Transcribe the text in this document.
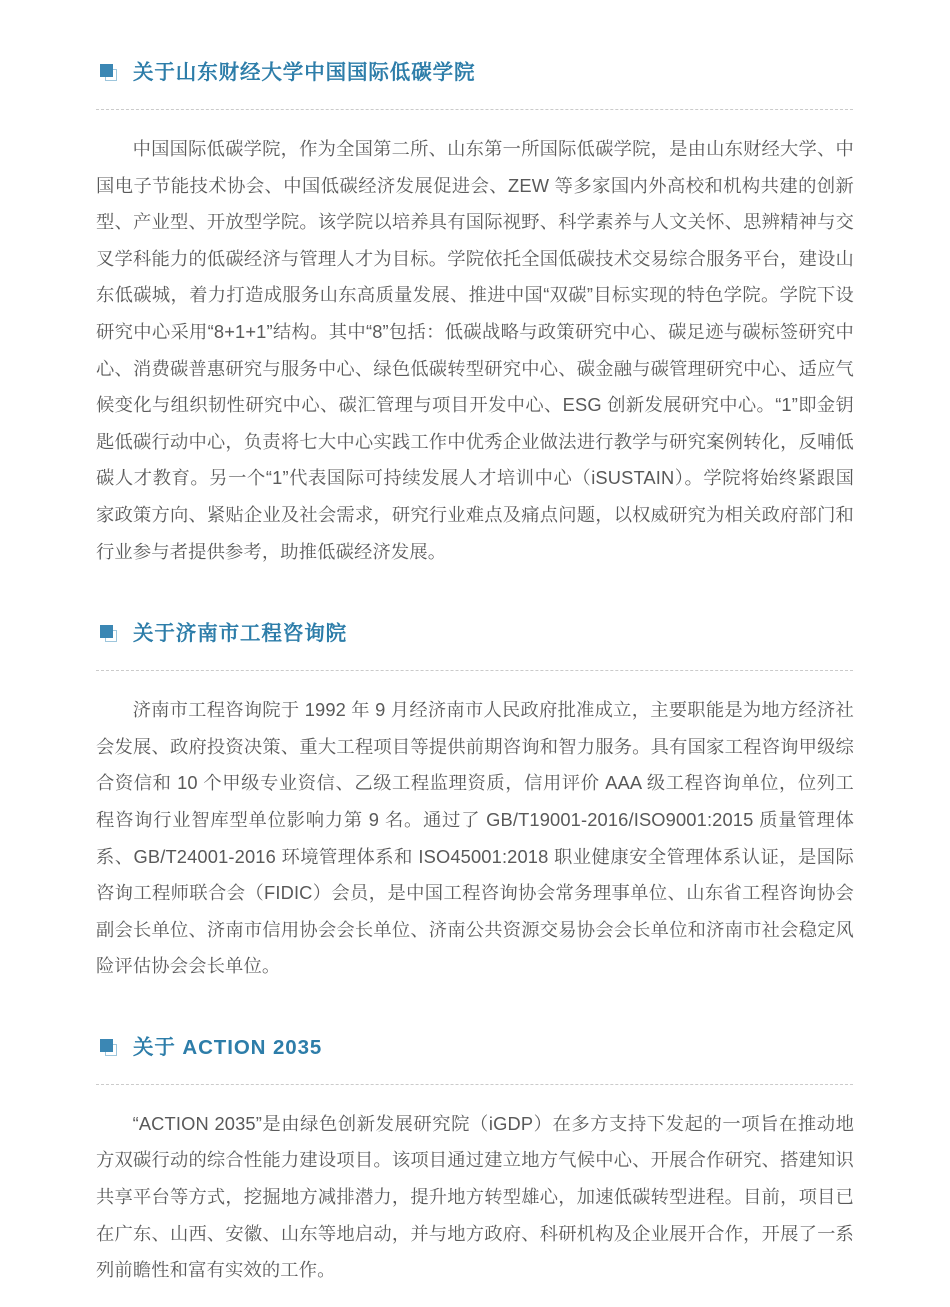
关于山东财经大学中国国际低碳学院

中国国际低碳学院，作为全国第二所、山东第一所国际低碳学院，是由山东财经大学、中国电子节能技术协会、中国低碳经济发展促进会、ZEW 等多家国内外高校和机构共建的创新型、产业型、开放型学院。该学院以培养具有国际视野、科学素养与人文关怀、思辨精神与交叉学科能力的低碳经济与管理人才为目标。学院依托全国低碳技术交易综合服务平台，建设山东低碳城，着力打造成服务山东高质量发展、推进中国“双碳”目标实现的特色学院。学院下设研究中心采用“8+1+1”结构。其中“8”包括：低碳战略与政策研究中心、碳足迹与碳标签研究中心、消费碳普惠研究与服务中心、绿色低碳转型研究中心、碳金融与碳管理研究中心、适应气候变化与组织韧性研究中心、碳汇管理与项目开发中心、ESG 创新发展研究中心。“1”即金钥匙低碳行动中心，负责将七大中心实践工作中优秀企业做法进行教学与研究案例转化，反哺低碳人才教育。另一个“1”代表国际可持续发展人才培训中心（iSUSTAIN）。学院将始终紧跟国家政策方向、紧贴企业及社会需求，研究行业难点及痛点问题，以权威研究为相关政府部门和行业参与者提供参考，助推低碳经济发展。

关于济南市工程咨询院

济南市工程咨询院于 1992 年 9 月经济南市人民政府批准成立，主要职能是为地方经济社会发展、政府投资决策、重大工程项目等提供前期咨询和智力服务。具有国家工程咨询甲级综合资信和 10 个甲级专业资信、乙级工程监理资质，信用评价 AAA 级工程咨询单位，位列工程咨询行业智库型单位影响力第 9 名。通过了 GB/T19001-2016/ISO9001:2015 质量管理体系、GB/T24001-2016 环境管理体系和 ISO45001:2018 职业健康安全管理体系认证，是国际咨询工程师联合会（FIDIC）会员，是中国工程咨询协会常务理事单位、山东省工程咨询协会副会长单位、济南市信用协会会长单位、济南公共资源交易协会会长单位和济南市社会稳定风险评估协会会长单位。

关于 ACTION 2035

“ACTION 2035”是由绿色创新发展研究院（iGDP）在多方支持下发起的一项旨在推动地方双碳行动的综合性能力建设项目。该项目通过建立地方气候中心、开展合作研究、搭建知识共享平台等方式，挖掘地方减排潜力，提升地方转型雄心，加速低碳转型进程。目前，项目已在广东、山西、安徽、山东等地启动，并与地方政府、科研机构及企业展开合作，开展了一系列前瞻性和富有实效的工作。
